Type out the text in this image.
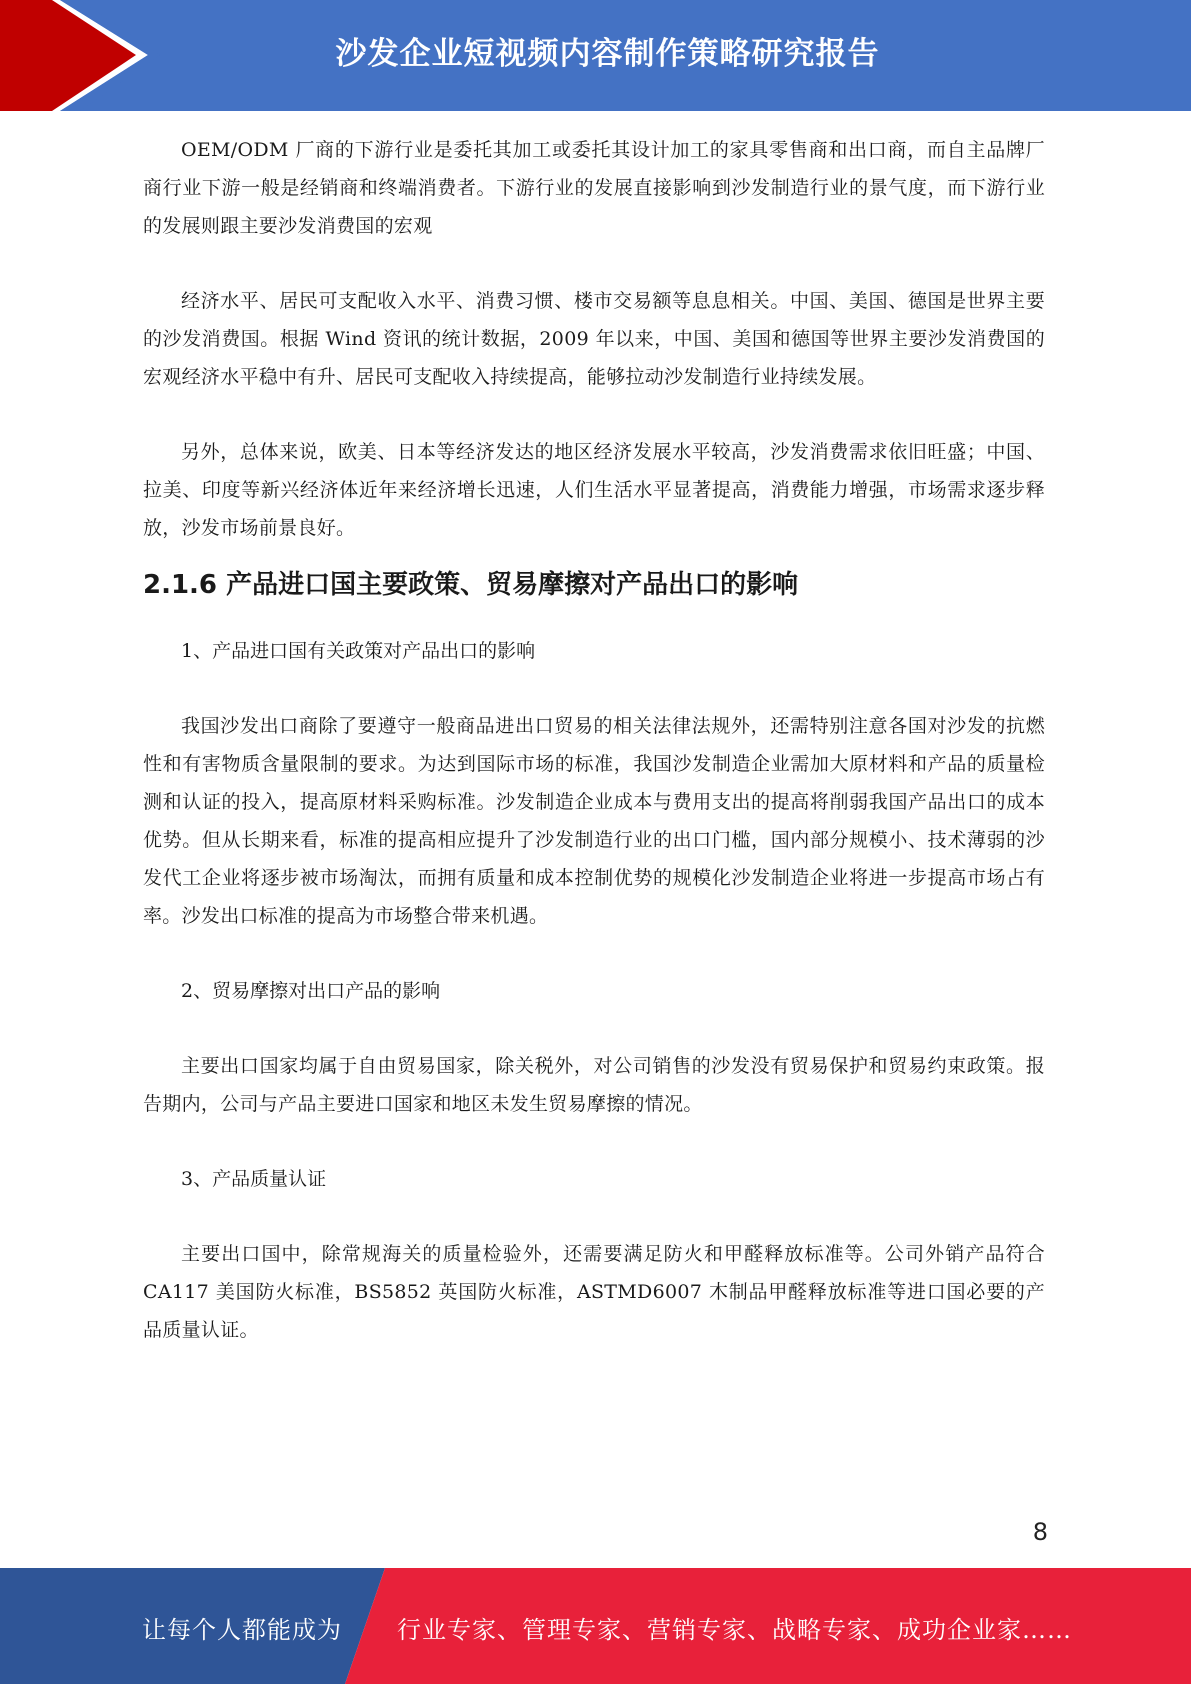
沙发企业短视频内容制作策略研究报告

OEM/ODM 厂商的下游行业是委托其加工或委托其设计加工的家具零售商和出口商，而自主品牌厂商行业下游一般是经销商和终端消费者。下游行业的发展直接影响到沙发制造行业的景气度，而下游行业的发展则跟主要沙发消费国的宏观

经济水平、居民可支配收入水平、消费习惯、楼市交易额等息息相关。中国、美国、德国是世界主要的沙发消费国。根据 Wind 资讯的统计数据，2009 年以来，中国、美国和德国等世界主要沙发消费国的宏观经济水平稳中有升、居民可支配收入持续提高，能够拉动沙发制造行业持续发展。

另外，总体来说，欧美、日本等经济发达的地区经济发展水平较高，沙发消费需求依旧旺盛；中国、拉美、印度等新兴经济体近年来经济增长迅速，人们生活水平显著提高，消费能力增强，市场需求逐步释放，沙发市场前景良好。

2.1.6 产品进口国主要政策、贸易摩擦对产品出口的影响

1、产品进口国有关政策对产品出口的影响

我国沙发出口商除了要遵守一般商品进出口贸易的相关法律法规外，还需特别注意各国对沙发的抗燃性和有害物质含量限制的要求。为达到国际市场的标准，我国沙发制造企业需加大原材料和产品的质量检测和认证的投入，提高原材料采购标准。沙发制造企业成本与费用支出的提高将削弱我国产品出口的成本优势。但从长期来看，标准的提高相应提升了沙发制造行业的出口门槛，国内部分规模小、技术薄弱的沙发代工企业将逐步被市场淘汰，而拥有质量和成本控制优势的规模化沙发制造企业将进一步提高市场占有率。沙发出口标准的提高为市场整合带来机遇。

2、贸易摩擦对出口产品的影响

主要出口国家均属于自由贸易国家，除关税外，对公司销售的沙发没有贸易保护和贸易约束政策。报告期内，公司与产品主要进口国家和地区未发生贸易摩擦的情况。

3、产品质量认证

主要出口国中，除常规海关的质量检验外，还需要满足防火和甲醛释放标准等。公司外销产品符合 CA117 美国防火标准，BS5852 英国防火标准，ASTMD6007 木制品甲醛释放标准等进口国必要的产品质量认证。

8
让每个人都能成为 行业专家、管理专家、营销专家、战略专家、成功企业家……
